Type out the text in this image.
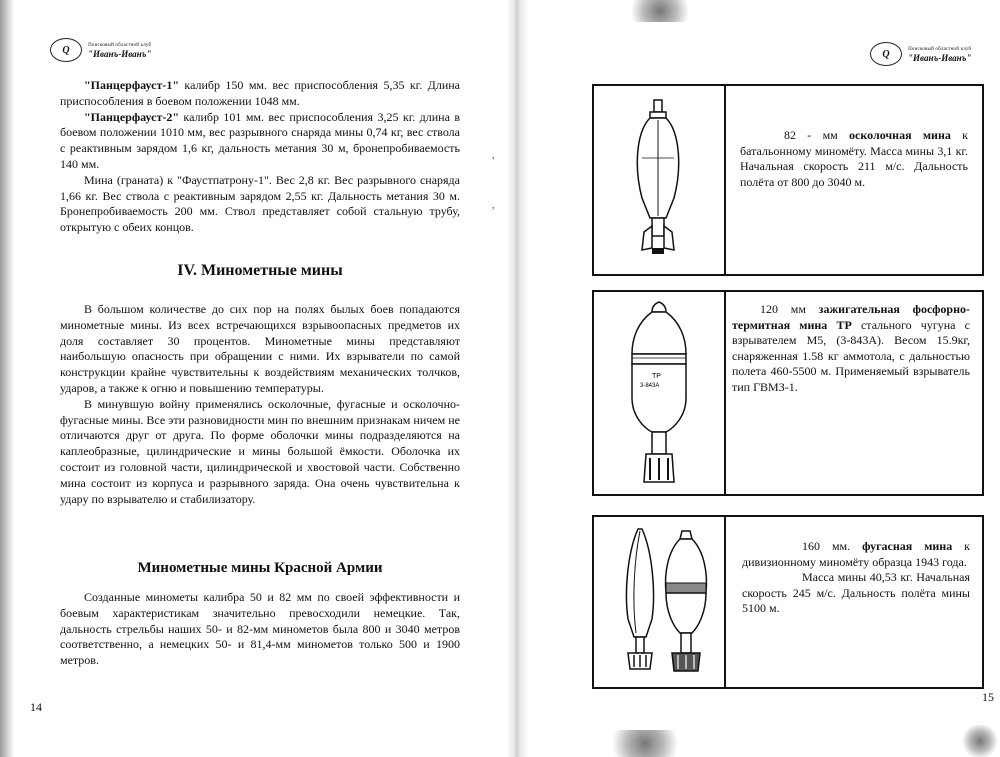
Q	Поисковый областной клуб
"Иванъ-Иванъ"

"Панцерфауст-1" калибр 150 мм. вес приспособления 5,35 кг. Длина приспособления в боевом положении 1048 мм.

"Панцерфауст-2" калибр 101 мм. вес приспособления 3,25 кг. длина в боевом положении 1010 мм, вес разрывного снаряда мины 0,74 кг, вес ствола с реактивным зарядом 1,6 кг, дальность метания 30 м, бронепробиваемость 140 мм.

Мина (граната) к "Фаустпатрону-1". Вес 2,8 кг. Вес разрывного снаряда 1,66 кг. Вес ствола с реактивным зарядом 2,55 кг. Дальность метания 30 м. Бронепробиваемость 200 мм. Ствол представляет собой стальную трубу, открытую с обеих концов.

IV. Минометные мины

В большом количестве до сих пор на полях былых боев попадаются минометные мины. Из всех встречающихся взрывоопасных предметов их доля составляет 30 процентов. Минометные мины представляют наибольшую опасность при обращении с ними. Их взрыватели по самой конструкции крайне чувствительны к воздействиям механических толчков, ударов, а также к огню и повышению температуры.

В минувшую войну применялись осколочные, фугасные и осколочно-фугасные мины. Все эти разновидности мин по внешним признакам ничем не отличаются друг от друга. По форме оболочки мины подразделяются на каплеобразные, цилиндрические и мины большой ёмкости. Оболочка их состоит из головной части, цилиндрической и хвостовой части. Собственно мина состоит из корпуса и разрывного заряда. Она очень чувствительна к удару по взрывателю и стабилизатору.

Минометные мины Красной Армии

Созданные минометы калибра 50 и 82 мм по своей эффективности и боевым характеристикам значительно превосходили немецкие. Так, дальность стрельбы наших 50- и 82-мм минометов была 800 и 3040 метров соответственно, а немецких 50- и 81,4-мм минометов только 500 и 1900 метров.

14
,
,
Q	Поисковый областной клуб
"Иванъ-Иванъ"

82 - мм осколочная мина к батальонному миномёту. Масса мины 3,1 кг. Начальная скорость 211 м/с. Дальность полёта от 800 до 3040 м.

ТР
3-843А

120 мм зажигательная фосфорно-термитная мина ТР стального чугуна с взрывателем М5, (3-843А). Весом 15.9кг, снаряженная 1.58 кг аммотола, с дальностью полета 460-5500 м. Применяемый взрыватель тип ГВМЗ-1.

160 мм. фугасная мина к дивизионному миномёту образца 1943 года.

Масса мины 40,53 кг. Начальная скорость 245 м/с. Дальность полёта мины 5100 м.

15
